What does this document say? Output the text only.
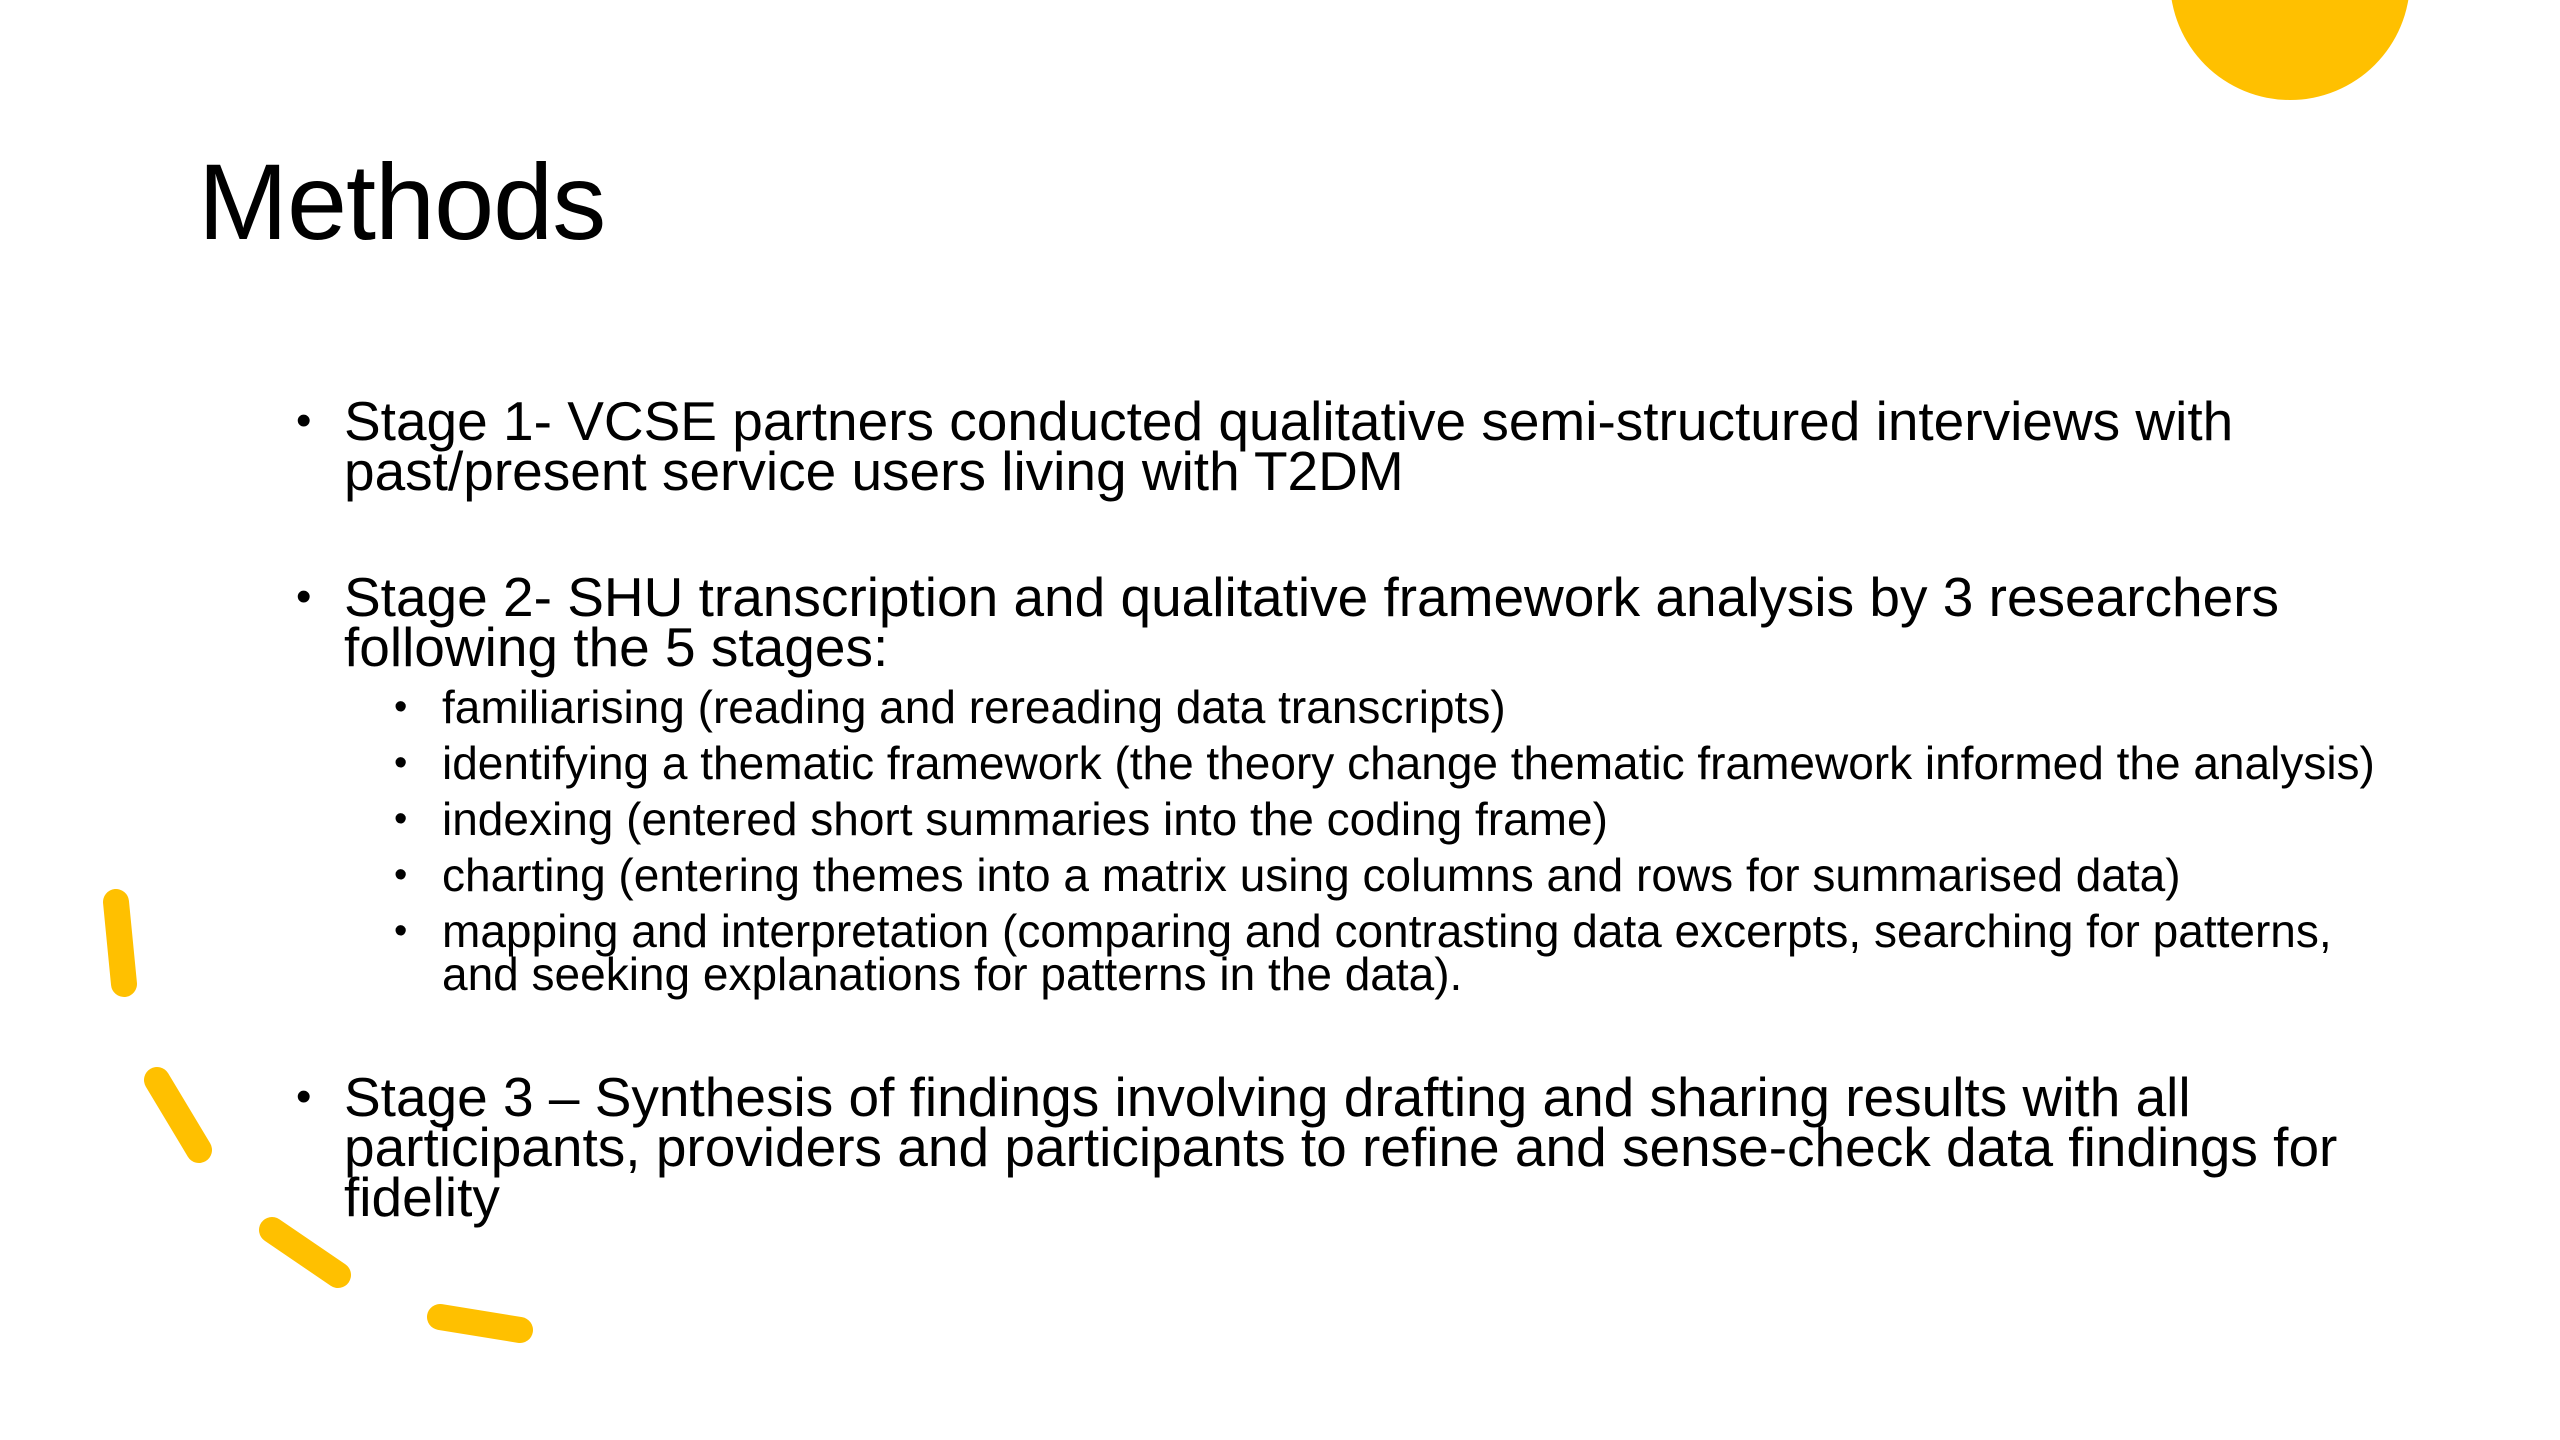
Methods
• Stage 1- VCSE partners conducted qualitative semi-structured interviews with past/present service users living with T2DM
• Stage 2- SHU transcription and qualitative framework analysis by 3 researchers following the 5 stages:
• familiarising (reading and rereading data transcripts)
• identifying a thematic framework (the theory change thematic framework informed the analysis)
• indexing (entered short summaries into the coding frame)
• charting (entering themes into a matrix using columns and rows for summarised data)
• mapping and interpretation (comparing and contrasting data excerpts, searching for patterns, and seeking explanations for patterns in the data).
• Stage 3 – Synthesis of findings involving drafting and sharing results with all participants, providers and participants to refine and sense-check data findings for fidelity
